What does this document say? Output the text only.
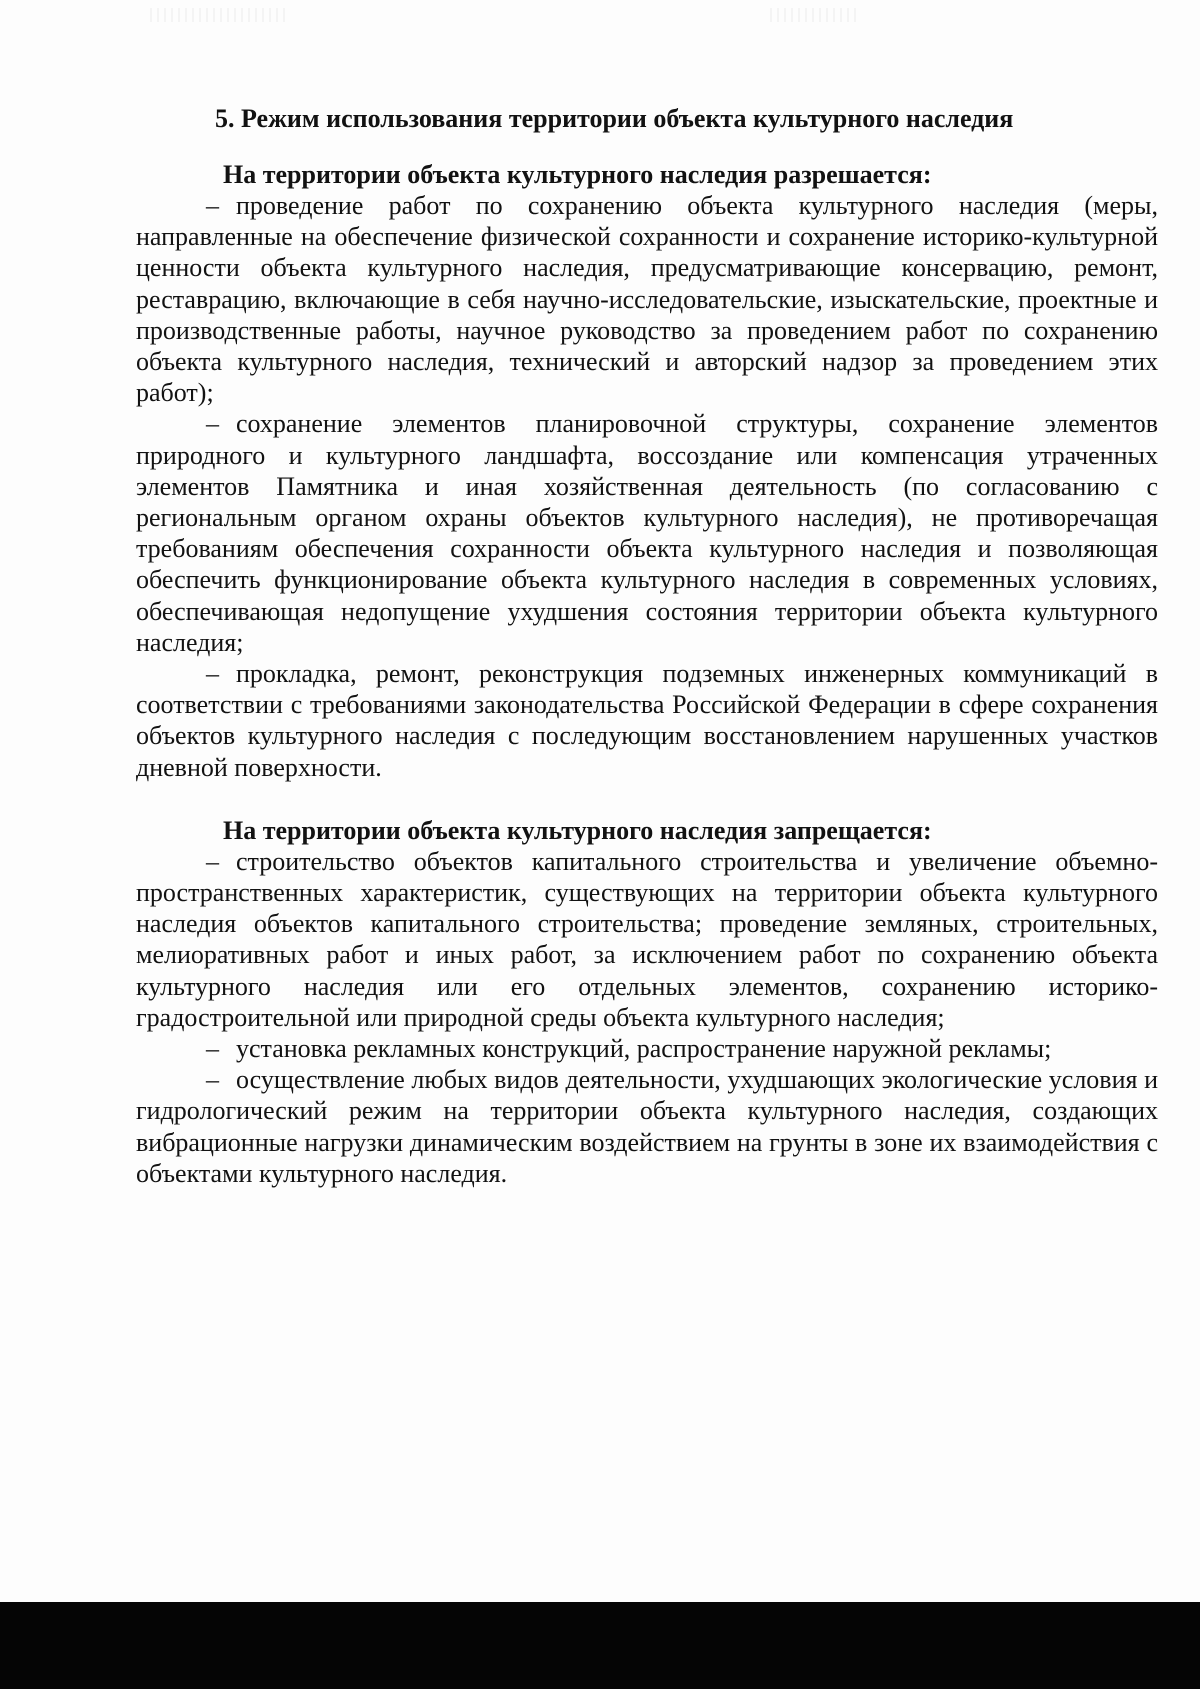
5. Режим использования территории объекта культурного наследия
На территории объекта культурного наследия разрешается:

– проведение работ по сохранению объекта культурного наследия (меры, направленные на обеспечение физической сохранности и сохранение историко-культурной ценности объекта культурного наследия, предусматривающие консервацию, ремонт, реставрацию, включающие в себя научно-исследовательские, изыскательские, проектные и производственные работы, научное руководство за проведением работ по сохранению объекта культурного наследия, технический и авторский надзор за проведением этих работ);

– сохранение элементов планировочной структуры, сохранение элементов природного и культурного ландшафта, воссоздание или компенсация утраченных элементов Памятника и иная хозяйственная деятельность (по согласованию с региональным органом охраны объектов культурного наследия), не противоречащая требованиям обеспечения сохранности объекта культурного наследия и позволяющая обеспечить функционирование объекта культурного наследия в современных условиях, обеспечивающая недопущение ухудшения состояния территории объекта культурного наследия;

– прокладка, ремонт, реконструкция подземных инженерных коммуникаций в соответствии с требованиями законодательства Российской Федерации в сфере сохранения объектов культурного наследия с последующим восстановлением нарушенных участков дневной поверхности.

На территории объекта культурного наследия запрещается:

– строительство объектов капитального строительства и увеличение объемно-пространственных характеристик, существующих на территории объекта культурного наследия объектов капитального строительства; проведение земляных, строительных, мелиоративных работ и иных работ, за исключением работ по сохранению объекта культурного наследия или его отдельных элементов, сохранению историко-градостроительной или природной среды объекта культурного наследия;

– установка рекламных конструкций, распространение наружной рекламы;

– осуществление любых видов деятельности, ухудшающих экологические условия и гидрологический режим на территории объекта культурного наследия, создающих вибрационные нагрузки динамическим воздействием на грунты в зоне их взаимодействия с объектами культурного наследия.
